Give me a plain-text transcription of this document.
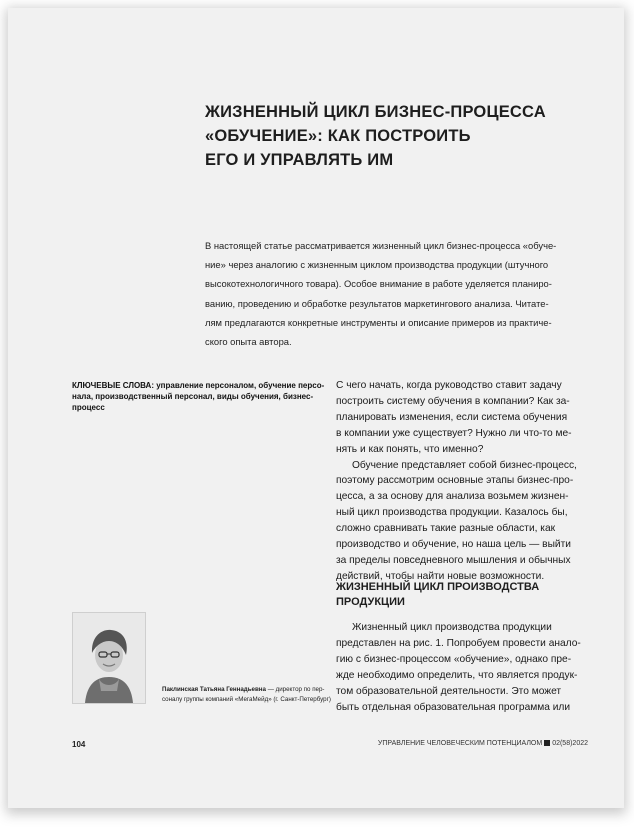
ЖИЗНЕННЫЙ ЦИКЛ БИЗНЕС-ПРОЦЕССА
«ОБУЧЕНИЕ»: КАК ПОСТРОИТЬ
ЕГО И УПРАВЛЯТЬ ИМ
В настоящей статье рассматривается жизненный цикл бизнес-процесса «обуче-
ние» через аналогию с жизненным циклом производства продукции (штучного
высокотехнологичного товара). Особое внимание в работе уделяется планиро-
ванию, проведению и обработке результатов маркетингового анализа. Читате-
лям предлагаются конкретные инструменты и описание примеров из практиче-
ского опыта автора.
КЛЮЧЕВЫЕ СЛОВА: управление персоналом, обучение персо-
нала, производственный персонал, виды обучения, бизнес-
процесс
С чего начать, когда руководство ставит задачу
построить систему обучения в компании? Как за-
планировать изменения, если система обучения
в компании уже существует? Нужно ли что-то ме-
нять и как понять, что именно?
Обучение представляет собой бизнес-процесс,
поэтому рассмотрим основные этапы бизнес-про-
цесса, а за основу для анализа возьмем жизнен-
ный цикл производства продукции. Казалось бы,
сложно сравнивать такие разные области, как
производство и обучение, но наша цель — выйти
за пределы повседневного мышления и обычных
действий, чтобы найти новые возможности.
ЖИЗНЕННЫЙ ЦИКЛ ПРОИЗВОДСТВА
ПРОДУКЦИИ
Жизненный цикл производства продукции
представлен на рис. 1. Попробуем провести анало-
гию с бизнес-процессом «обучение», однако пре-
жде необходимо определить, что является продук-
том образовательной деятельности. Это может
быть отдельная образовательная программа или
Паклинская Татьяна Геннадьевна — директор по пер-
соналу группы компаний «МегаМейд» (г. Санкт-Петербург)
104	УПРАВЛЕНИЕ ЧЕЛОВЕЧЕСКИМ ПОТЕНЦИАЛОМ 02(58)2022
